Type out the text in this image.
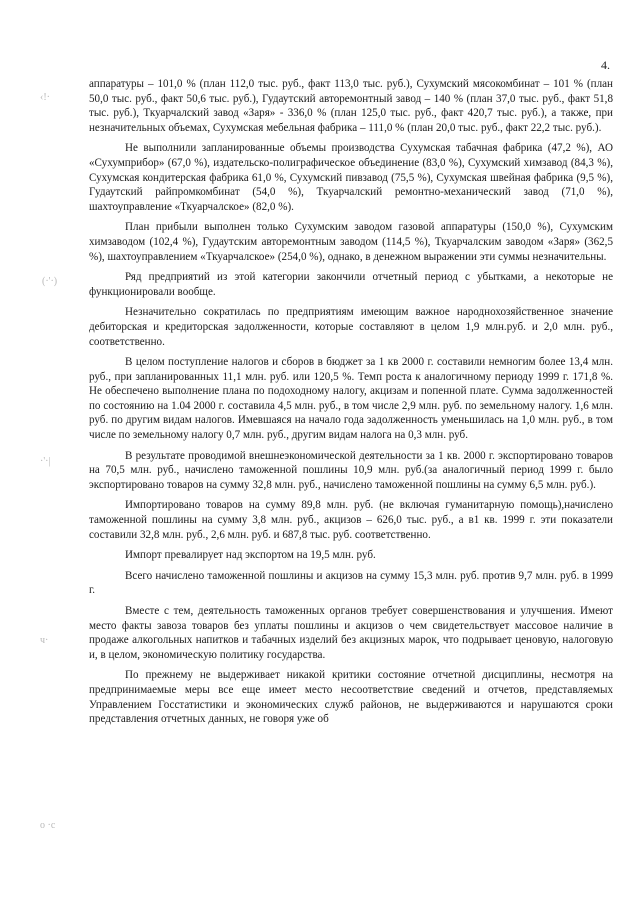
4.
‹!·
(·'·)
·'·|
ч·
о ·с

аппаратуры – 101,0 % (план 112,0 тыс. руб., факт 113,0 тыс. руб.), Сухумский мясокомбинат – 101 % (план 50,0 тыс. руб., факт 50,6 тыс. руб.), Гудаутский авторемонтный завод – 140 % (план 37,0 тыс. руб., факт 51,8 тыс. руб.), Ткуарчалский завод «Заря» - 336,0 % (план 125,0 тыс. руб., факт 420,7 тыс. руб.), а также, при незначительных объемах, Сухумская мебельная фабрика – 111,0 % (план 20,0 тыс. руб., факт 22,2 тыс. руб.).

Не выполнили запланированные объемы производства Сухумская табачная фабрика (47,2 %), АО «Сухумприбор» (67,0 %), издательско-полиграфическое объединение (83,0 %), Сухумский химзавод (84,3 %), Сухумская кондитерская фабрика 61,0 %, Сухумский пивзавод (75,5 %), Сухумская швейная фабрика (9,5 %), Гудаутский райпромкомбинат (54,0 %), Ткуарчалский ремонтно-механический завод (71,0 %), шахтоуправление «Ткуарчалское» (82,0 %).

План прибыли выполнен только Сухумским заводом газовой аппаратуры (150,0 %), Сухумским химзаводом (102,4 %), Гудаутским авторемонтным заводом (114,5 %), Ткуарчалским заводом «Заря» (362,5 %), шахтоуправлением «Ткуарчалское» (254,0 %), однако, в денежном выражении эти суммы незначительны.

Ряд предприятий из этой категории закончили отчетный период с убытками, а некоторые не функционировали вообще.

Незначительно сократилась по предприятиям имеющим важное народнохозяйственное значение дебиторская и кредиторская задолженности, которые составляют в целом 1,9 млн.руб. и 2,0 млн. руб., соответственно.

В целом поступление налогов и сборов в бюджет за 1 кв 2000 г. составили немногим более 13,4 млн. руб., при запланированных 11,1 млн. руб. или 120,5 %. Темп роста к аналогичному периоду 1999 г. 171,8 %. Не обеспечено выполнение плана по подоходному налогу, акцизам и попенной плате. Сумма задолженностей по состоянию на 1.04 2000 г. составила 4,5 млн. руб., в том числе 2,9 млн. руб. по земельному налогу. 1,6 млн. руб. по другим видам налогов. Имевшаяся на начало года задолженность уменьшилась на 1,0 млн. руб., в том числе по земельному налогу 0,7 млн. руб., другим видам налога на 0,3 млн. руб.

В результате проводимой внешнеэкономической деятельности за 1 кв. 2000 г. экспортировано товаров на 70,5 млн. руб., начислено таможенной пошлины 10,9 млн. руб.(за аналогичный период 1999 г. было экспортировано товаров на сумму 32,8 млн. руб., начислено таможенной пошлины на сумму 6,5 млн. руб.).

Импортировано товаров на сумму 89,8 млн. руб. (не включая гуманитарную помощь),начислено таможенной пошлины на сумму 3,8 млн. руб., акцизов – 626,0 тыс. руб., а в1 кв. 1999 г. эти показатели составили 32,8 млн. руб., 2,6 млн. руб. и 687,8 тыс. руб. соответственно.

Импорт превалирует над экспортом на 19,5 млн. руб.

Всего начислено таможенной пошлины и акцизов на сумму 15,3 млн. руб. против 9,7 млн. руб. в 1999 г.

Вместе с тем, деятельность таможенных органов требует совершенствования и улучшения. Имеют место факты завоза товаров без уплаты пошлины и акцизов о чем свидетельствует массовое наличие в продаже алкогольных напитков и табачных изделий без акцизных марок, что подрывает ценовую, налоговую и, в целом, экономическую политику государства.

По прежнему не выдерживает никакой критики состояние отчетной дисциплины, несмотря на предпринимаемые меры все еще имеет место несоответствие сведений и отчетов, представляемых Управлением Госстатистики и экономических служб районов, не выдерживаются и нарушаются сроки представления отчетных данных, не говоря уже об
